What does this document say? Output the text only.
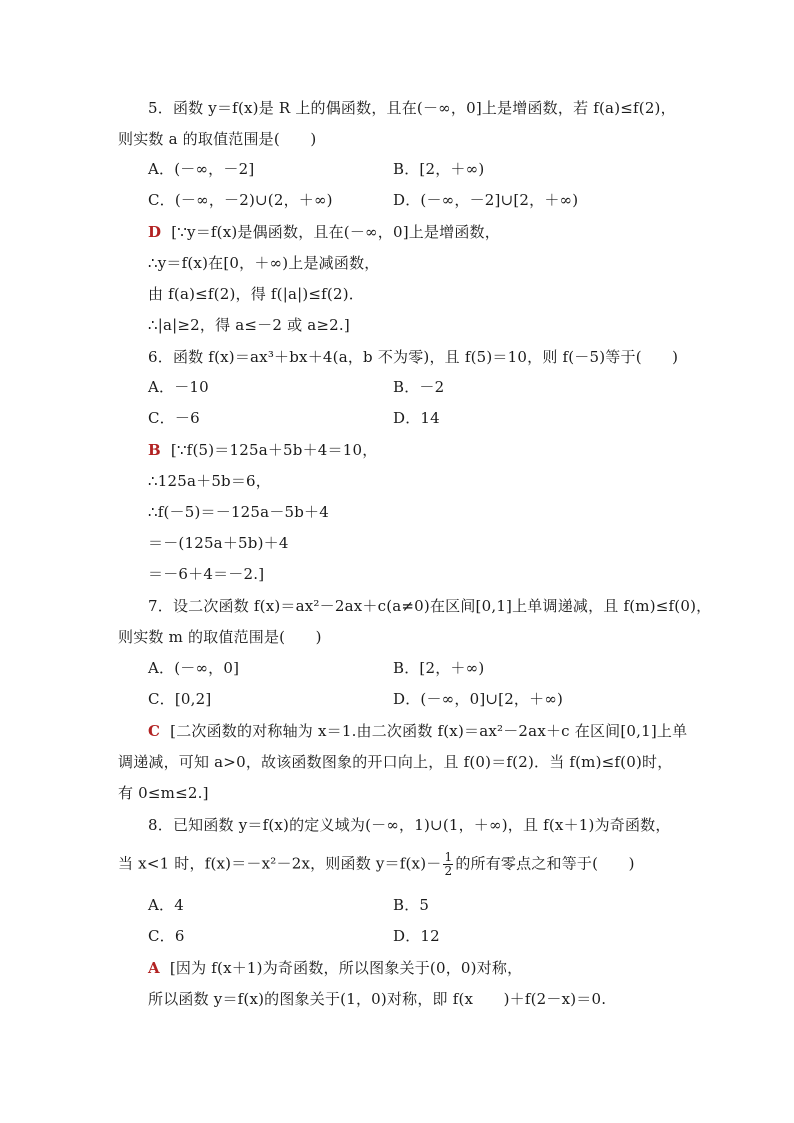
5．函数 y＝f(x)是 R 上的偶函数，且在(－∞，0]上是增函数，若 f(a)≤f(2)，
则实数 a 的取值范围是(　　)
A．(－∞，－2]	B．[2，＋∞)
C．(－∞，－2)∪(2，＋∞)	D．(－∞，－2]∪[2，＋∞)
D [∵y＝f(x)是偶函数，且在(－∞，0]上是增函数，
∴y＝f(x)在[0，＋∞)上是减函数，
由 f(a)≤f(2)，得 f(|a|)≤f(2)．
∴|a|≥2，得 a≤－2 或 a≥2.]
6．函数 f(x)＝ax³＋bx＋4(a，b 不为零)，且 f(5)＝10，则 f(－5)等于(　　)
A．－10	B．－2
C．－6	D．14
B [∵f(5)＝125a＋5b＋4＝10，
∴125a＋5b＝6，
∴f(－5)＝－125a－5b＋4
＝－(125a＋5b)＋4
＝－6＋4＝－2.]
7．设二次函数 f(x)＝ax²－2ax＋c(a≠0)在区间[0,1]上单调递减，且 f(m)≤f(0)，
则实数 m 的取值范围是(　　)
A．(－∞，0]	B．[2，＋∞)
C．[0,2]	D．(－∞，0]∪[2，＋∞)
C [二次函数的对称轴为 x＝1.由二次函数 f(x)＝ax²－2ax＋c 在区间[0,1]上单
调递减，可知 a>0，故该函数图象的开口向上，且 f(0)＝f(2)．当 f(m)≤f(0)时，
有 0≤m≤2.]
8．已知函数 y＝f(x)的定义域为(－∞，1)∪(1，＋∞)，且 f(x＋1)为奇函数，
当 x<1 时，f(x)＝－x²－2x，则函数 $y=f(x)- \frac{1}{2}$ 的所有零点之和等于(　　)
A．4	B．5
C．6	D．12
A [因为 f(x＋1)为奇函数，所以图象关于(0，0)对称，
所以函数 y＝f(x)的图象关于(1，0)对称，即 f(x　　)＋f(2－x)＝0.
